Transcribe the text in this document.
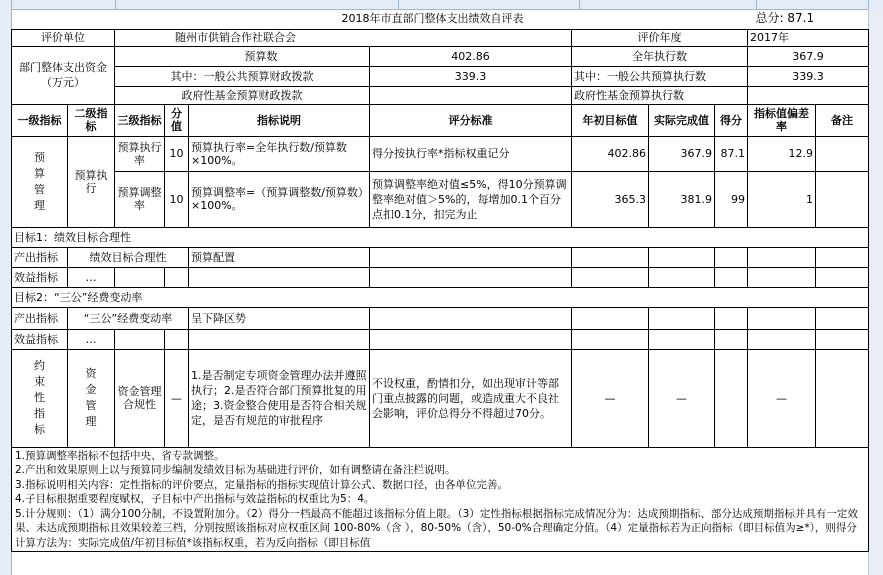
				2018年市直部门整体支出绩效自评表					总分: 87.1	
评价单位		随州市供销合作社联合会				评价年度			2017年	
部门整体支出资金（万元）		预算数			402.86	全年执行数			367.9	
		其中：一般公共预算财政拨款			339.3	其中：一般公共预算执行数			339.3	
		政府性基金预算财政拨款				政府性基金预算执行数				
一级指标	二级指标	三级指标	分值	指标说明	评分标准	年初目标值	实际完成值	得分	指标值偏差率	备注

预算管理	预算执行	预算执行率	10	预算执行率=全年执行数/预算数×100%。	得分按执行率*指标权重记分	402.86	367.9	87.1	12.9	
		预算调整率	10	预算调整率=（预算调整数/预算数）×100%。	预算调整率绝对值≤5%，得10分预算调整率绝对值＞5%的，每增加0.1个百分点扣0.1分，扣完为止	365.3	381.9	99	1	
目标1：绩效目标合理性										
产出指标	绩效目标合理性			预算配置						
效益指标	…									
目标2：“三公”经费变动率										
产出指标	“三公”经费变动率			呈下降区势						
效益指标	…									

约束性指标	资金管理	资金管理合规性	—	1.是否制定专项资金管理办法并遵照执行；2.是否符合部门预算批复的用途；3.资金整合使用是否符合相关规定，是否有规范的审批程序	不设权重，酌情扣分，如出现审计等部门重点披露的问题，或造成重大不良社会影响，评价总得分不得超过70分。	—	—		—	

1.预算调整率指标不包括中央、省专款调整。
2.产出和效果原则上以与预算同步编制发绩效目标为基础进行评价，如有调整请在备注栏说明。
3.指标说明相关内容：定性指标的评价要点，定量指标的指标实现值计算公式、数据口径，由各单位完善。
4.子目标根据重要程度赋权，子目标中产出指标与效益指标的权重比为5：4。
5.计分规则：（1）满分100分制，不设置附加分。（2）得分一档最高不能超过该指标分值上限。（3）定性指标根据指标完成情况分为：达成预期指标、部分达成预期指标并具有一定效果、未达成预期指标且效果较差三档，分别按照该指标对应权重区间 100-80%（含 ），80-50%（含），50-0%合理确定分值。（4）定量指标若为正向指标（即目标值为≥*），则得分计算方法为：实际完成值/年初目标值*该指标权重，若为反向指标（即目标值										
